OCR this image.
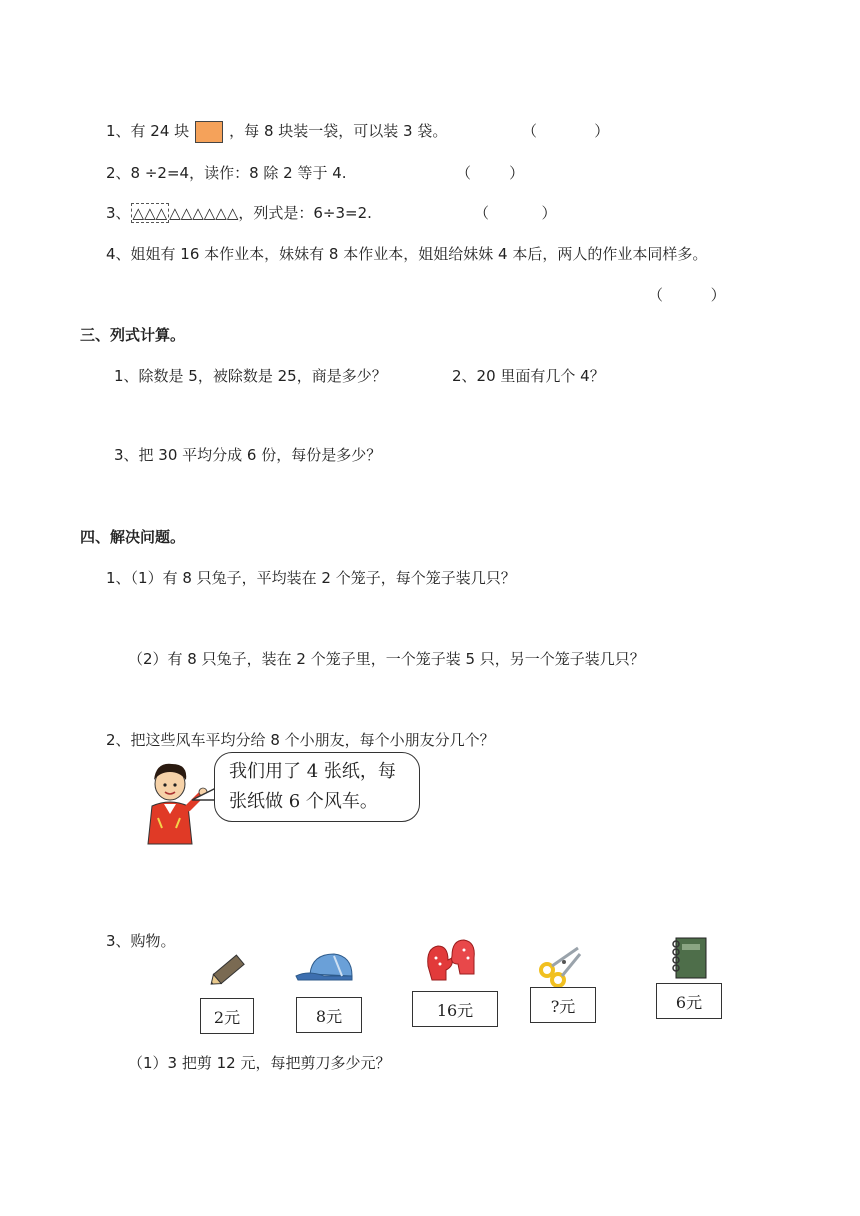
1、有 24 块	，每 8 块装一袋，可以装 3 袋。	（            ）
2、8 ÷2=4，读作：8 除 2 等于 4.	（        ）
3、 △△△ △△△△△△，列式是：6÷3=2.	（           ）
4、姐姐有 16 本作业本，妹妹有 8 本作业本，姐姐给妹妹 4 本后，两人的作业本同样多。
（          ）
三、列式计算。
1、除数是 5，被除数是 25，商是多少？	2、20 里面有几个 4？
3、把 30 平均分成 6 份，每份是多少？
四、解决问题。
1、（1）有 8 只兔子，平均装在 2 个笼子，每个笼子装几只？
（2）有 8 只兔子，装在 2 个笼子里，一个笼子装 5 只，另一个笼子装几只？
2、把这些风车平均分给 8 个小朋友，每个小朋友分几个？
我们用了 4 张纸，每
张纸做 6 个风车。
3、购物。
2元	8元	16元	?元	6元
（1）3 把剪 12 元，每把剪刀多少元？
